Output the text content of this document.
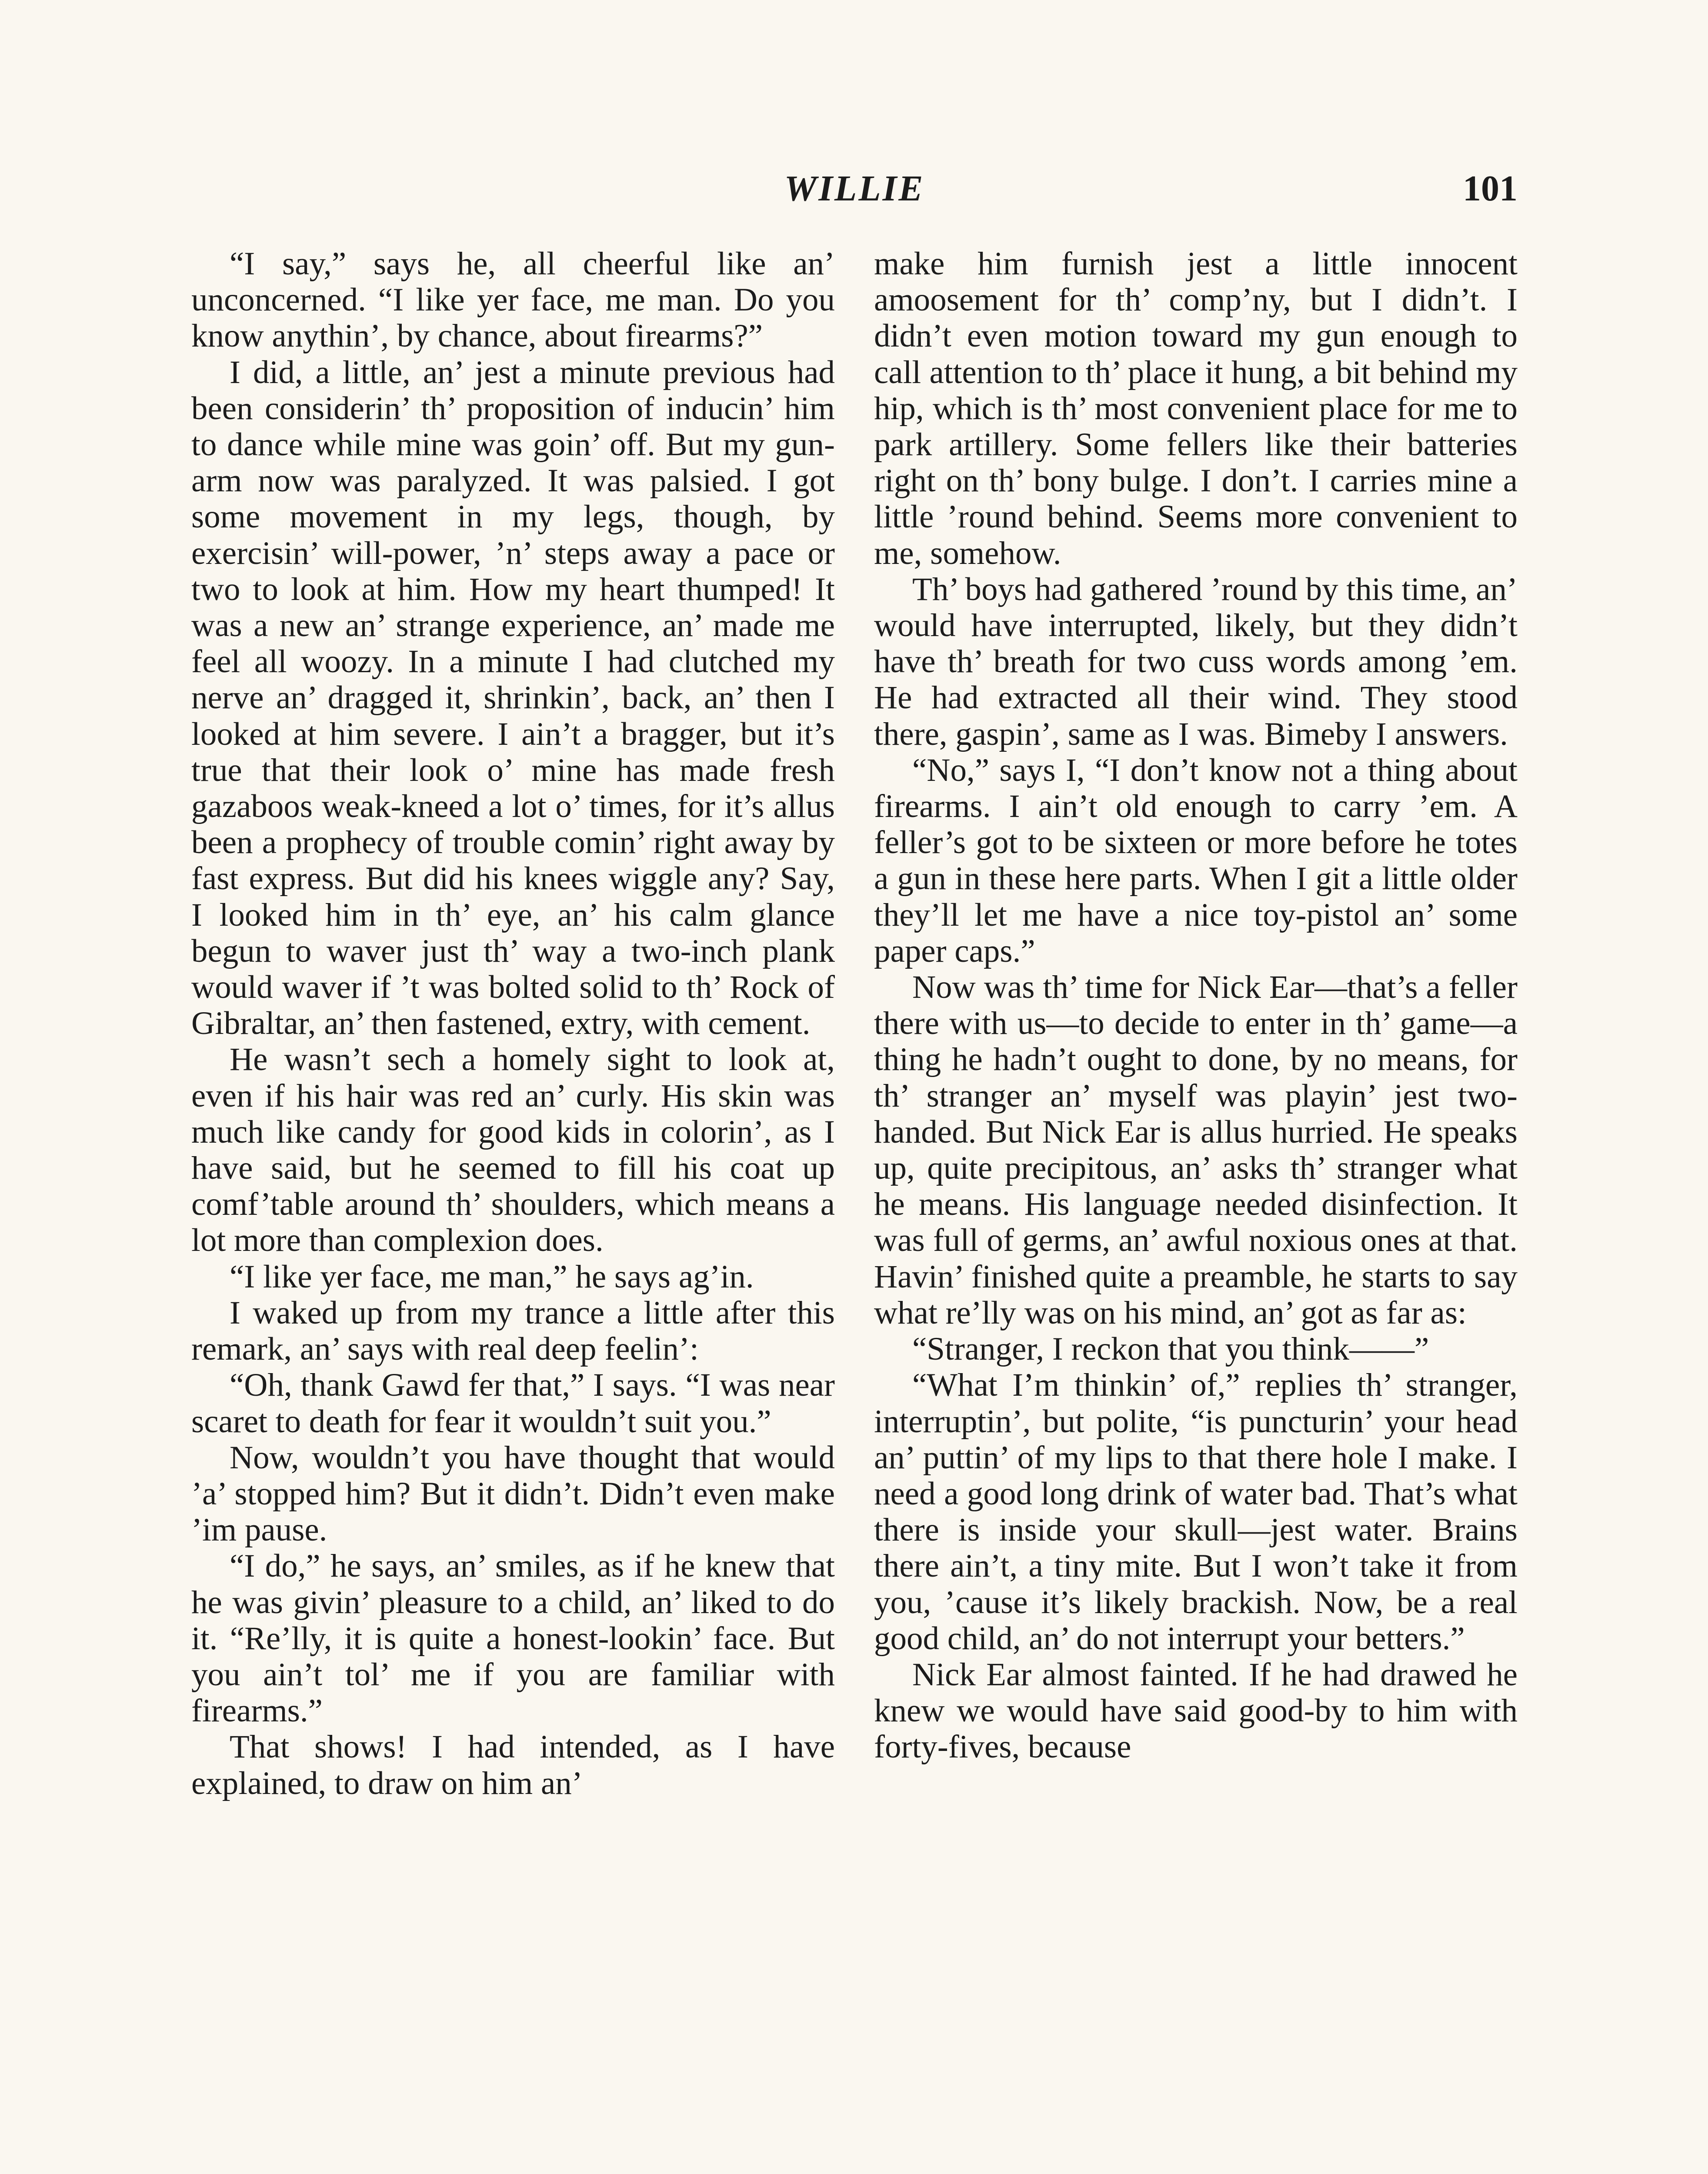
WILLIE	101

“I say,” says he, all cheerful like an’ unconcerned. “I like yer face, me man. Do you know anythin’, by chance, about firearms?”

I did, a little, an’ jest a minute previous had been considerin’ th’ proposition of inducin’ him to dance while mine was goin’ off. But my gun-arm now was paralyzed. It was palsied. I got some movement in my legs, though, by exercisin’ will-power, ’n’ steps away a pace or two to look at him. How my heart thumped! It was a new an’ strange experience, an’ made me feel all woozy. In a minute I had clutched my nerve an’ dragged it, shrinkin’, back, an’ then I looked at him severe. I ain’t a bragger, but it’s true that their look o’ mine has made fresh gazaboos weak-kneed a lot o’ times, for it’s allus been a prophecy of trouble comin’ right away by fast express. But did his knees wiggle any? Say, I looked him in th’ eye, an’ his calm glance begun to waver just th’ way a two-inch plank would waver if ’t was bolted solid to th’ Rock of Gibraltar, an’ then fastened, extry, with cement.

He wasn’t sech a homely sight to look at, even if his hair was red an’ curly. His skin was much like candy for good kids in colorin’, as I have said, but he seemed to fill his coat up comf’table around th’ shoulders, which means a lot more than complexion does.

“I like yer face, me man,” he says ag’in.

I waked up from my trance a little after this remark, an’ says with real deep feelin’:

“Oh, thank Gawd fer that,” I says. “I was near scaret to death for fear it wouldn’t suit you.”

Now, wouldn’t you have thought that would ’a’ stopped him? But it didn’t. Didn’t even make ’im pause.

“I do,” he says, an’ smiles, as if he knew that he was givin’ pleasure to a child, an’ liked to do it. “Re’lly, it is quite a honest-lookin’ face. But you ain’t tol’ me if you are familiar with firearms.”

That shows! I had intended, as I have explained, to draw on him an’

make him furnish jest a little innocent amoosement for th’ comp’ny, but I didn’t. I didn’t even motion toward my gun enough to call attention to th’ place it hung, a bit behind my hip, which is th’ most convenient place for me to park artillery. Some fellers like their batteries right on th’ bony bulge. I don’t. I carries mine a little ’round behind. Seems more convenient to me, somehow.

Th’ boys had gathered ’round by this time, an’ would have interrupted, likely, but they didn’t have th’ breath for two cuss words among ’em. He had extracted all their wind. They stood there, gaspin’, same as I was. Bimeby I answers.

“No,” says I, “I don’t know not a thing about firearms. I ain’t old enough to carry ’em. A feller’s got to be sixteen or more before he totes a gun in these here parts. When I git a little older they’ll let me have a nice toy-pistol an’ some paper caps.”

Now was th’ time for Nick Ear—that’s a feller there with us—to decide to enter in th’ game—a thing he hadn’t ought to done, by no means, for th’ stranger an’ myself was playin’ jest two-handed. But Nick Ear is allus hurried. He speaks up, quite precipitous, an’ asks th’ stranger what he means. His language needed disinfection. It was full of germs, an’ awful noxious ones at that. Havin’ finished quite a preamble, he starts to say what re’lly was on his mind, an’ got as far as:

“Stranger, I reckon that you think——”

“What I’m thinkin’ of,” replies th’ stranger, interruptin’, but polite, “is puncturin’ your head an’ puttin’ of my lips to that there hole I make. I need a good long drink of water bad. That’s what there is inside your skull—jest water. Brains there ain’t, a tiny mite. But I won’t take it from you, ’cause it’s likely brackish. Now, be a real good child, an’ do not interrupt your betters.”

Nick Ear almost fainted. If he had drawed he knew we would have said good-by to him with forty-fives, because
